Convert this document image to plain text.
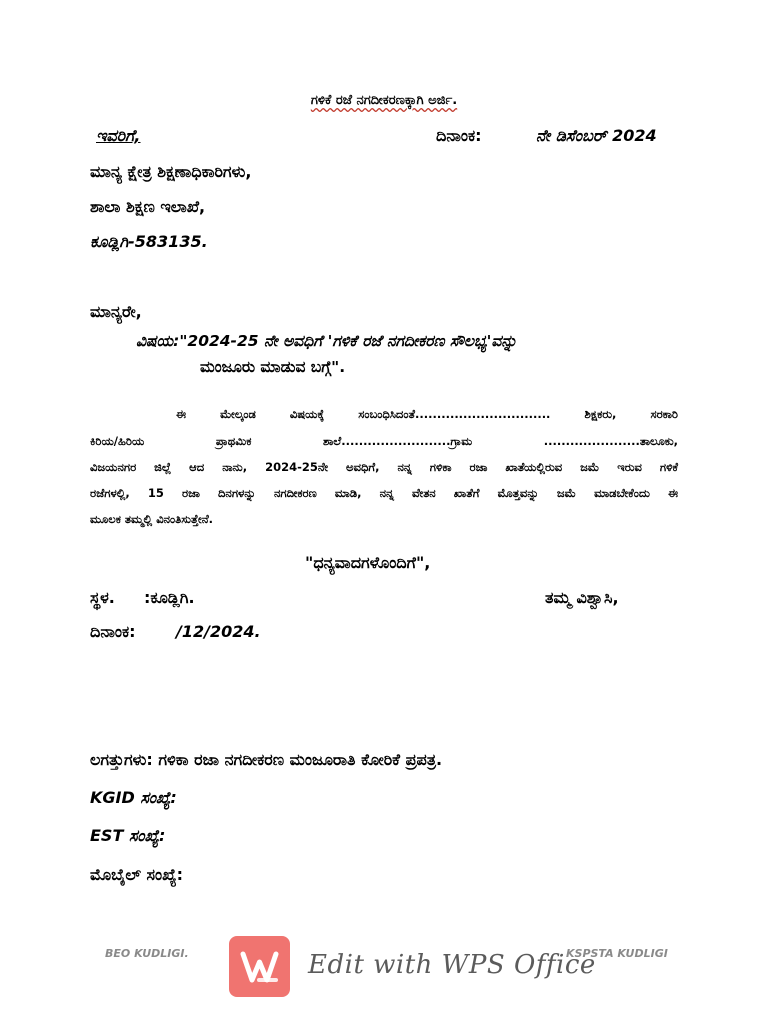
ಗಳಿಕೆ ರಜೆ ನಗದೀಕರಣಕ್ಕಾಗಿ ಅರ್ಜಿ.
ಇವರಿಗೆ,	ದಿನಾಂಕ:	ನೇ ಡಿಸೆಂಬರ್ 2024
ಮಾನ್ಯ ಕ್ಷೇತ್ರ ಶಿಕ್ಷಣಾಧಿಕಾರಿಗಳು,
ಶಾಲಾ ಶಿಕ್ಷಣ ಇಲಾಖೆ,
ಕೂಡ್ಲಿಗಿ-583135.
ಮಾನ್ಯರೇ,
ವಿಷಯ:"2024-25 ನೇ ಅವಧಿಗೆ 'ಗಳಿಕೆ ರಜೆ ನಗದೀಕರಣ ಸೌಲಭ್ಯ'ವನ್ನು
ಮಂಜೂರು ಮಾಡುವ ಬಗ್ಗೆ".
ಈ ಮೇಲ್ಕಂಡ ವಿಷಯಕ್ಕೆ ಸಂಬಂಧಿಸಿದಂತೆ............................... ಶಿಕ್ಷಕರು, ಸರಕಾರಿ
ಕಿರಿಯ/ಹಿರಿಯ ಪ್ರಾಥಮಿಕ ಶಾಲೆ.........................ಗ್ರಾಮ ......................ತಾಲೂಕು,
ವಿಜಯನಗರ ಜಿಲ್ಲೆ ಆದ ನಾನು, 2024-25ನೇ ಅವಧಿಗೆ, ನನ್ನ ಗಳಿಕಾ ರಜಾ ಖಾತೆಯಲ್ಲಿರುವ ಜಮೆ ಇರುವ ಗಳಿಕೆ
ರಜೆಗಳಲ್ಲಿ, 15 ರಜಾ ದಿನಗಳನ್ನು ನಗದೀಕರಣ ಮಾಡಿ, ನನ್ನ ವೇತನ ಖಾತೆಗೆ ಮೊತ್ತವನ್ನು ಜಮೆ ಮಾಡಬೇಕೆಂದು ಈ
ಮೂಲಕ ತಮ್ಮಲ್ಲಿ ವಿನಂತಿಸುತ್ತೇನೆ.
"ಧನ್ಯವಾದಗಳೊಂದಿಗೆ",
ಸ್ಥಳ. :ಕೂಡ್ಲಿಗಿ.	ತಮ್ಮ ವಿಶ್ವಾಸಿ,
ದಿನಾಂಕ:	/12/2024.
ಲಗತ್ತುಗಳು: ಗಳಿಕಾ ರಜಾ ನಗದೀಕರಣ ಮಂಜೂರಾತಿ ಕೋರಿಕೆ ಪ್ರಪತ್ರ.
KGID ಸಂಖ್ಯೆ:
EST ಸಂಖ್ಯೆ:
ಮೊಬೈಲ್ ಸಂಖ್ಯೆ:
BEO KUDLIGI.	KSPSTA KUDLIGI
Edit with WPS Office
